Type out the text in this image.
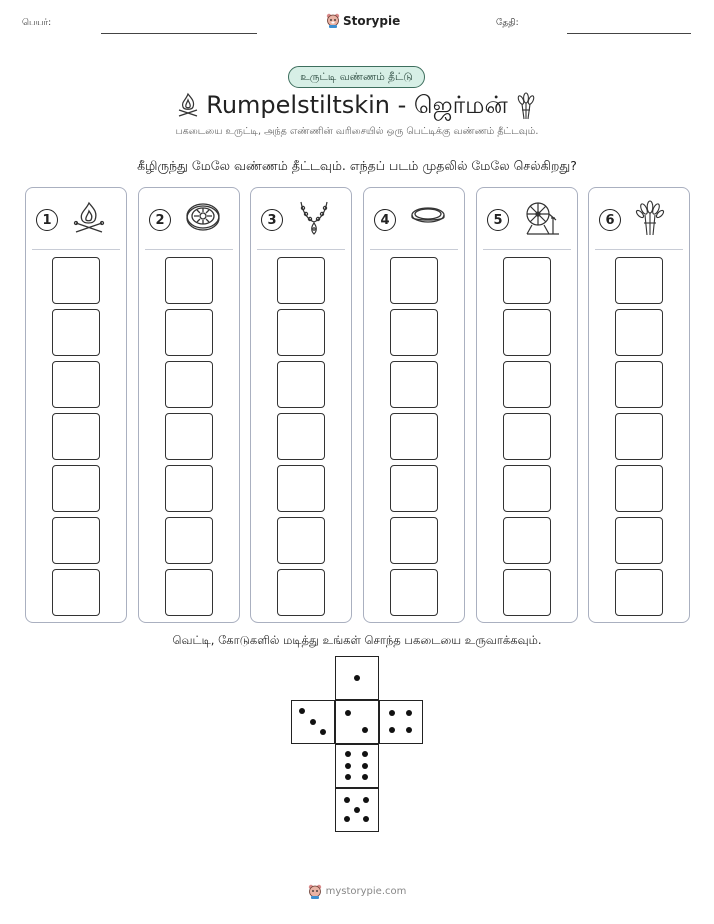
பெயர்:	Storypie	தேதி:
உருட்டி வண்ணம் தீட்டு
Rumpelstiltskin - ஜெர்மன்
பகடையை உருட்டி, அந்த எண்ணின் வரிசையில் ஒரு பெட்டிக்கு வண்ணம் தீட்டவும்.
கீழிருந்து மேலே வண்ணம் தீட்டவும். எந்தப் படம் முதலில் மேலே செல்கிறது?
1	2	3	4	5	6
வெட்டி, கோடுகளில் மடித்து உங்கள் சொந்த பகடையை உருவாக்கவும்.
mystorypie.com
